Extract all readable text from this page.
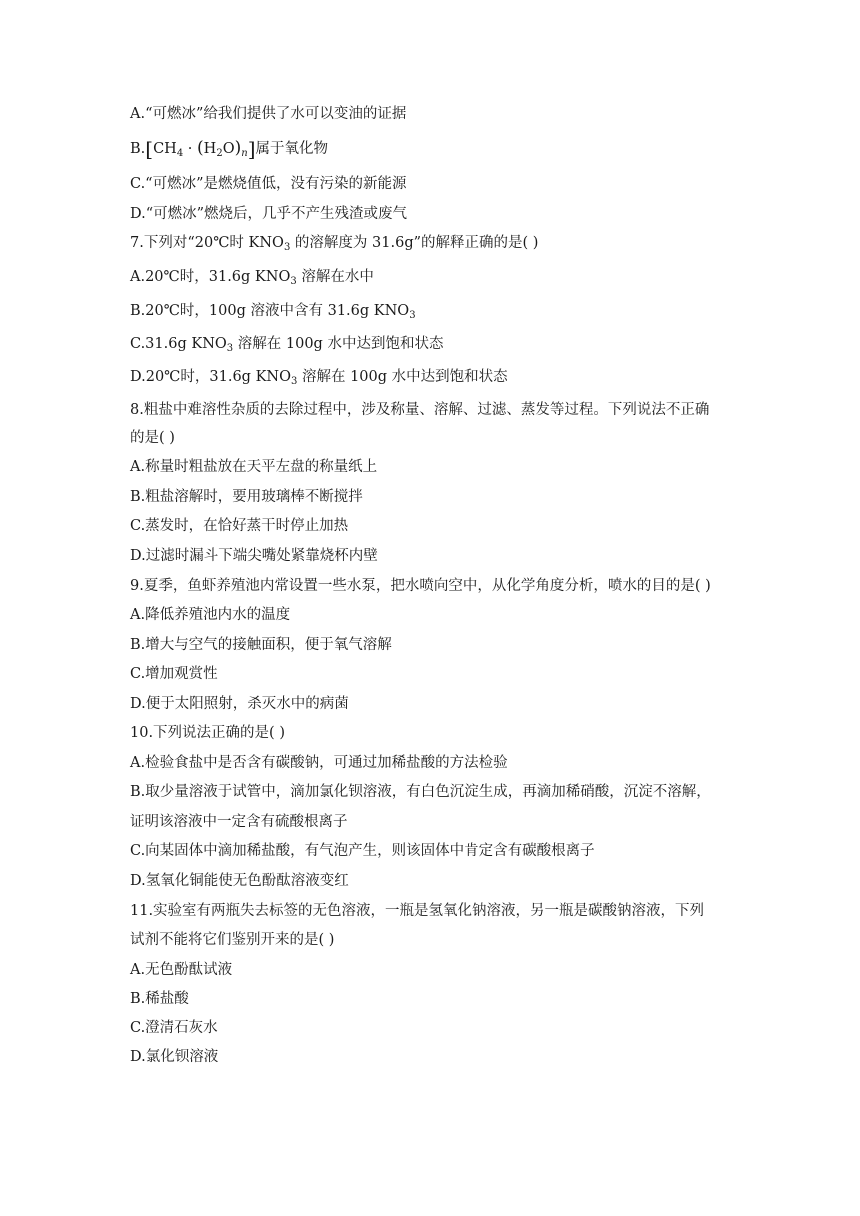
A.“可燃冰”给我们提供了水可以变油的证据
$B.[CH_4 \cdot (H_2O)_n]$属于氧化物
C.“可燃冰”是燃烧值低，没有污染的新能源
D.“可燃冰”燃烧后，几乎不产生残渣或废气
7.下列对“20℃时 $KNO_3$ 的溶解度为 31.6g”的解释正确的是( )
A.20℃时，31.6g $KNO_3$ 溶解在水中
B.20℃时，100g 溶液中含有 31.6g $KNO_3$
C.31.6g $KNO_3$ 溶解在 100g 水中达到饱和状态
D.20℃时，31.6g $KNO_3$ 溶解在 100g 水中达到饱和状态
8.粗盐中难溶性杂质的去除过程中，涉及称量、溶解、过滤、蒸发等过程。下列说法不正确
的是( )
A.称量时粗盐放在天平左盘的称量纸上
B.粗盐溶解时，要用玻璃棒不断搅拌
C.蒸发时，在恰好蒸干时停止加热
D.过滤时漏斗下端尖嘴处紧靠烧杯内壁
9.夏季，鱼虾养殖池内常设置一些水泵，把水喷向空中，从化学角度分析，喷水的目的是( )
A.降低养殖池内水的温度
B.增大与空气的接触面积，便于氧气溶解
C.增加观赏性
D.便于太阳照射，杀灭水中的病菌
10.下列说法正确的是( )
A.检验食盐中是否含有碳酸钠，可通过加稀盐酸的方法检验
B.取少量溶液于试管中，滴加氯化钡溶液，有白色沉淀生成，再滴加稀硝酸，沉淀不溶解，
证明该溶液中一定含有硫酸根离子
C.向某固体中滴加稀盐酸，有气泡产生，则该固体中肯定含有碳酸根离子
D.氢氧化铜能使无色酚酞溶液变红
11.实验室有两瓶失去标签的无色溶液，一瓶是氢氧化钠溶液，另一瓶是碳酸钠溶液，下列
试剂不能将它们鉴别开来的是( )
A.无色酚酞试液
B.稀盐酸
C.澄清石灰水
D.氯化钡溶液
